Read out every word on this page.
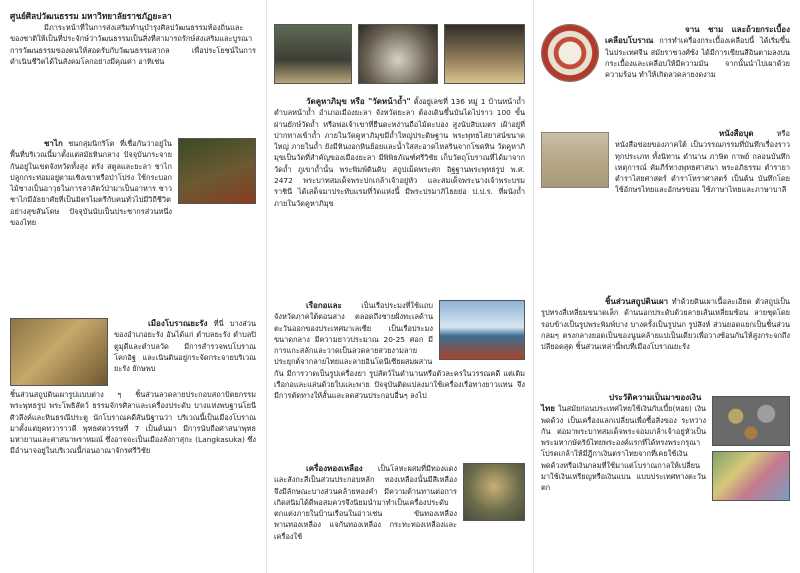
ศูนย์ศิลปวัฒนธรรม มหาวิทยาลัยราชภัฏยะลา

มีภาระหน้าที่ในการส่งเสริมทำนุบำรุงศิลปวัฒนธรรมท้องถิ่นและของชาติให้เป็นที่ประจักษ์ว่าวัฒนธรรมเป็นสิ่งที่สามารถรักษ์ส่งเสริมและบูรณาการวัฒนธรรมของตนให้สอดรับกับวัฒนธรรมสากล เพื่อประโยชน์ในการดำเนินชีวิตได้ในสังคมโลกอย่างมีคุณค่า อาทิเช่น

ชาไก ชนกลุ่มนิกริโต ที่เชื่อกันว่าอยู่ในพื้นที่บริเวณนี้มาตั้งแต่สมัยหินกลาง ปัจจุบันกระจายกันอยู่ในเขตจังหวัดทั้งสุง ตรัง สตูลและยะลา ชาไกปลูกกระท่อมอยู่ตามเชิงเขาหรือป่าโปร่ง ใช้กระบอกไม้ซางเป็นอาวุธในการล่าสัตว์ป่ามาเป็นอาหาร ชาวชาไกมีอัธยาศัยที่เป็นมิตรไมตรีกับคนทั่วไปมีวิถีชีวิตอย่างสุขสันโดษ ปัจจุบันนับเป็นประชากรส่วนหนึ่งของไทย

เมืองโบราณยะรัง ที่นี่ บางส่วนของอำเภอยะรัง อันได้แก่ ตำบลยะรัง ตำบลปิตูมุดีและตำบลวัด มีการสำรวจพบโบราณโคกอิฐ และเนินดินอยู่กระจัดกระจายบริเวณยะรัง ยักษพบ

ชิ้นส่วนสถูปดินเผารูปแบบต่าง ๆ ชิ้นส่วนลวดลายประกอบสถาปัตยกรรม พระพุทธรูป พระโพธิสัตว์ ธรรมจักรศิลาและเครื่องประดับ บางแห่งพบฐานโยนีศิวลึงค์และหินธรณีประตู นักโบราณคดีสันนิฐานว่า บริเวณนี้เป็นเมืองโบราณมาตั้งแต่ยุคทวาราวดี พุทธศตวรรษที่ 7 เป็นต้นมา มีการนับถือศาสนาพุทธมหายานและศาสนาพราหมณ์ ซึ่งอาจจะเป็นเมืองลังกาสุกะ (Langkasuka) ซึ่งมีอำนาจอยู่ในบริเวณนี้ก่อนอาณาจักรศรีวิชัย

วัดคูหาภิมุข หรือ "วัดหน้าถ้ำ" ตั้งอยู่เลขที่ 136 หมู่ 1 บ้านหน้าถ้ำ ตำบลหน้าถ้ำ อำเภอเมืองยะลา จังหวัดยะลา ต้องเดินขึ้นบันไดไปราว 100 ขั้น ผ่านยักษ์วัดถ้ำ หรือพ่อเจ้าเขาที่ยืนตะหง่านถือไม้ตะบอง สูงนับสิบเมตร เฝ้าอยู่ที่ปากทางเข้าถ้ำ ภายในวัดคูหาภิมุขมีถ้ำใหญ่ประดิษฐาน พระพุทธไสยาสน์ขนาดใหญ่ ภายในถ้ำ ยังมีหินงอกหินย้อยและน้ำใสสะอาดไหลรินจากโขดหิน วัดคูหาภิมุขเป็นวัดที่สำคัญของเมืองยะลา มีพิพิธภัณฑ์ศรีวิชัย เก็บวัตถุโบราณที่ได้มาจากวัดถ้ำ ภูเขาถ้ำนั้น พระพิมพ์ดินดิบ สถูปเม็ดพระศก อิฐฐานพระพุทธรูป พ.ศ. 2472 พระบาทสมเด็จพระปกเกล้าเจ้าอยู่หัว และสมเด็จพระนางเจ้าพระบรมราชินี ได้เสด็จมาประทับแรมที่วัดแห่งนี้ มีพระปรมาภิไธยย่อ ป.ป.ร. ที่ผนังถ้ำภายในวัดคูหาภิมุข

เรือกอและ	เป็นเรือประมงที่ใช้แถบจังหวัดภาคใต้ตอนล่าง ตลอดถึงชายฝั่งทะเลด้านตะวันออกของประเทศมาเลเซีย เป็นเรือประมงขนาดกลาง มีความยาวประมาณ 20-25 ศอก มีการแกะสลักและวาดเป็นลวดลายสวยงามลายประยุกต์จากลายไทยและลายอินโดนีเซียผสมผสานกัน มีการวาดเป็นรูปเครื่องยา รูปสัตว์ในตำนานหรือตัวละครในวรรณคดี แต่เดิมเรือกอและแล่นด้วยใบและพาย ปัจจุบันติดแปลงมาใช้เครื่องเรือทางยาวแทน จึงมีการตัดทางให้สั้นและลดส่วนประกอบอื่นๆ ลงไป

เครื่องทองเหลือง เป็นโลหะผสมที่มีทองแดงและสังกะสีเป็นส่วนประกอบหลัก ทองเหลืองนั้นมีสีเหลือง จึงมีลักษณะบางส่วนคล้ายทองคำ มีความต้านทานต่อการเกิดสนิมได้ดีพอสมควรจึงนิยมนำมาทำเป็นเครื่องประดับตกแต่งภายในบ้านเรือนในอ่าวเช่น ขันทองเหลือง พานทองเหลือง แจกันทองเหลือง กระทะทองเหลืองและเครื่องใช้

จาน ชาม และถ้วยกระเบื้องเคลือบโบราณ การทำเครื่องกระเบื้องเคลือบนี้ ได้เริ่มขึ้นในประเทศจีน สมัยราชวงศ์ซ้ง ได้มีการเขียนสีอินตามลงบนกระเบื้องและเคลือบให้มีความมัน จากนั้นนำไปเผาด้วยความร้อน ทำให้เกิดลวดลายงดงาม

หนังสือบุด	หรือหนังสือข่อยของภาคใต้ เป็นวรรณกรรมที่บันทึกเรื่องราวทุกประเภท ทั้งนิทาน ตำนาน ภาษิต กาพย์ กลอนบันทึกเหตุการณ์ คัมภีร์ทางพุทธศาสนา พระอภิธรรม ตำรายา ตำราไสยศาสตร์ ตำราโหราศาสตร์ เป็นต้น บันทึกโดยใช้อักษรไทยและอักษรขอม ใช้ภาษาไทยและภาษาบาลี

ชิ้นส่วนสถูปดินเผา ทำด้วยดินเผาเนื้อละเอียด ตัวสถูปเป็นรูปทรงสี่เหลี่ยมขนาดเล็ก ด้านนอกประดับด้วยลายเส้นเหลี่ยมซ้อน ลายชุดโดยรอบข้างเป็นรูปพระพิมพ์บาง บางครั้งเป็นรูปนก รูปสิงห์ ส่วนยอดแยกเป็นชิ้นส่วนกลมๆ ตรงกลางยอดเป็นของนูนคล้ายแปเป็นเดียวเพื่อวางซ้อนกันให้สูงกระจกถึงปลียอดสุด ชิ้นส่วนเหล่านี้พบที่เมืองโบราณยะรัง

ประวัติความเป็นมาของเงินไทย ในสมัยก่อนประเทศไทยใช้เงินกับเบี้ย(หอย) เงินพดด้วง เป็นเครื่องแลกเปลี่ยนเพื่อซื้อสิ่งของ ระหว่างกัน ต่อมาพระบาทสมเด็จพระจอมเกล้าเจ้าอยู่หัวเป็นพระมหากษัตริย์ไทยพระองค์แรกที่ได้ทรงพระกรุณาโปรดเกล้าให้มีฎีกาเงินตราไทยจากที่เคยใช้เงินพดด้วงหรือเงินกลมที่ใช้มาแต่โบราณกาลให้เปลี่ยนมาใช้เงินเหรียญหรือเงินแบน แบบประเทศทางตะวันตก
